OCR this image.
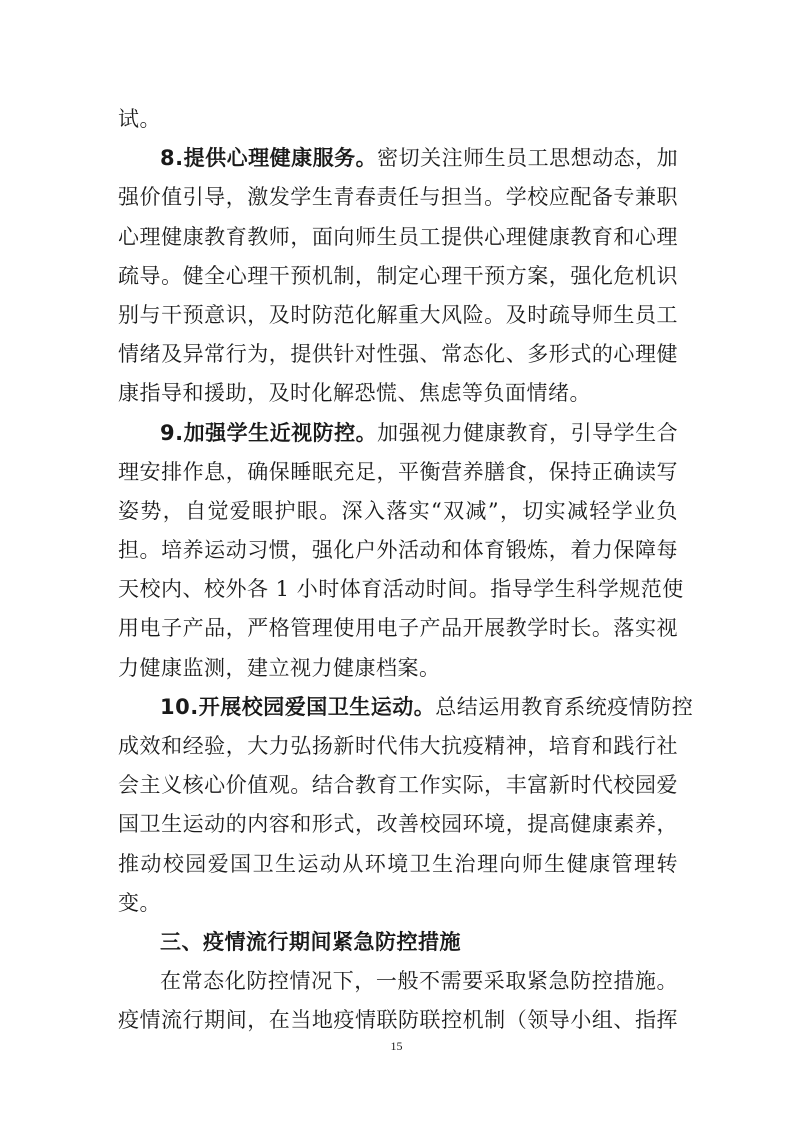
试。
8.提供心理健康服务。密切关注师生员工思想动态，加
强价值引导，激发学生青春责任与担当。学校应配备专兼职
心理健康教育教师，面向师生员工提供心理健康教育和心理
疏导。健全心理干预机制，制定心理干预方案，强化危机识
别与干预意识，及时防范化解重大风险。及时疏导师生员工
情绪及异常行为，提供针对性强、常态化、多形式的心理健
康指导和援助，及时化解恐慌、焦虑等负面情绪。
9.加强学生近视防控。加强视力健康教育，引导学生合
理安排作息，确保睡眠充足，平衡营养膳食，保持正确读写
姿势，自觉爱眼护眼。深入落实“双减”，切实减轻学业负
担。培养运动习惯，强化户外活动和体育锻炼，着力保障每
天校内、校外各 1 小时体育活动时间。指导学生科学规范使
用电子产品，严格管理使用电子产品开展教学时长。落实视
力健康监测，建立视力健康档案。
10.开展校园爱国卫生运动。总结运用教育系统疫情防控
成效和经验，大力弘扬新时代伟大抗疫精神，培育和践行社
会主义核心价值观。结合教育工作实际，丰富新时代校园爱
国卫生运动的内容和形式，改善校园环境，提高健康素养，
推动校园爱国卫生运动从环境卫生治理向师生健康管理转
变。
三、疫情流行期间紧急防控措施
在常态化防控情况下，一般不需要采取紧急防控措施。
疫情流行期间，在当地疫情联防联控机制（领导小组、指挥
15
